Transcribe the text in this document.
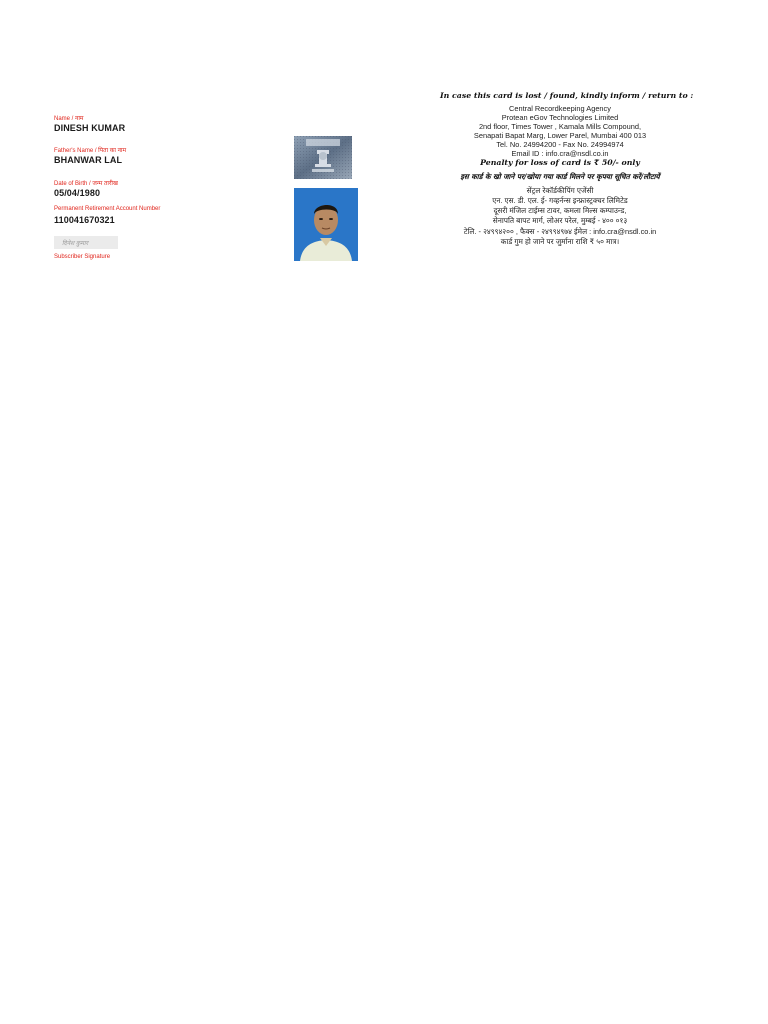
Name / नाम
DINESH KUMAR
Father's Name / पिता का नाम
BHANWAR LAL
Date of Birth / जन्म तारीख
05/04/1980
Permanent Retirement Account Number
110041670321
दिनेश कुमार
Subscriber Signature
In case this card is lost / found, kindly inform / return to :
Central Recordkeeping Agency
Protean eGov Technologies Limited
2nd floor, Times Tower , Kamala Mills Compound,
Senapati Bapat Marg, Lower Parel, Mumbai 400 013
Tel. No. 24994200 - Fax No. 24994974
Email ID : info.cra@nsdl.co.in
Penalty for loss of card is ₹ 50/- only
इस कार्ड के खो जाने पर/खोया गया कार्ड मिलने पर कृपया सूचित करें/लौटायें
सेंट्रल रेकॉर्डकीपिंग एजेंसी
एन. एस. डी. एल. ई- गव्हर्नन्स इन्फ्रास्ट्रक्चर लिमिटेड
दूसरी मंजिल टाईम्स टावर, कमला मिल्स कम्पाउन्ड,
सेनापति बापट मार्ग, लोअर परेल, मुम्बई - ४०० ०१३
टेलि. - २४९९४२०० , फैक्स - २४९९४९७४ ईमेल : info.cra@nsdl.co.in
कार्ड गुम हो जाने पर जुर्माना राशि ₹ ५० मात्र।
